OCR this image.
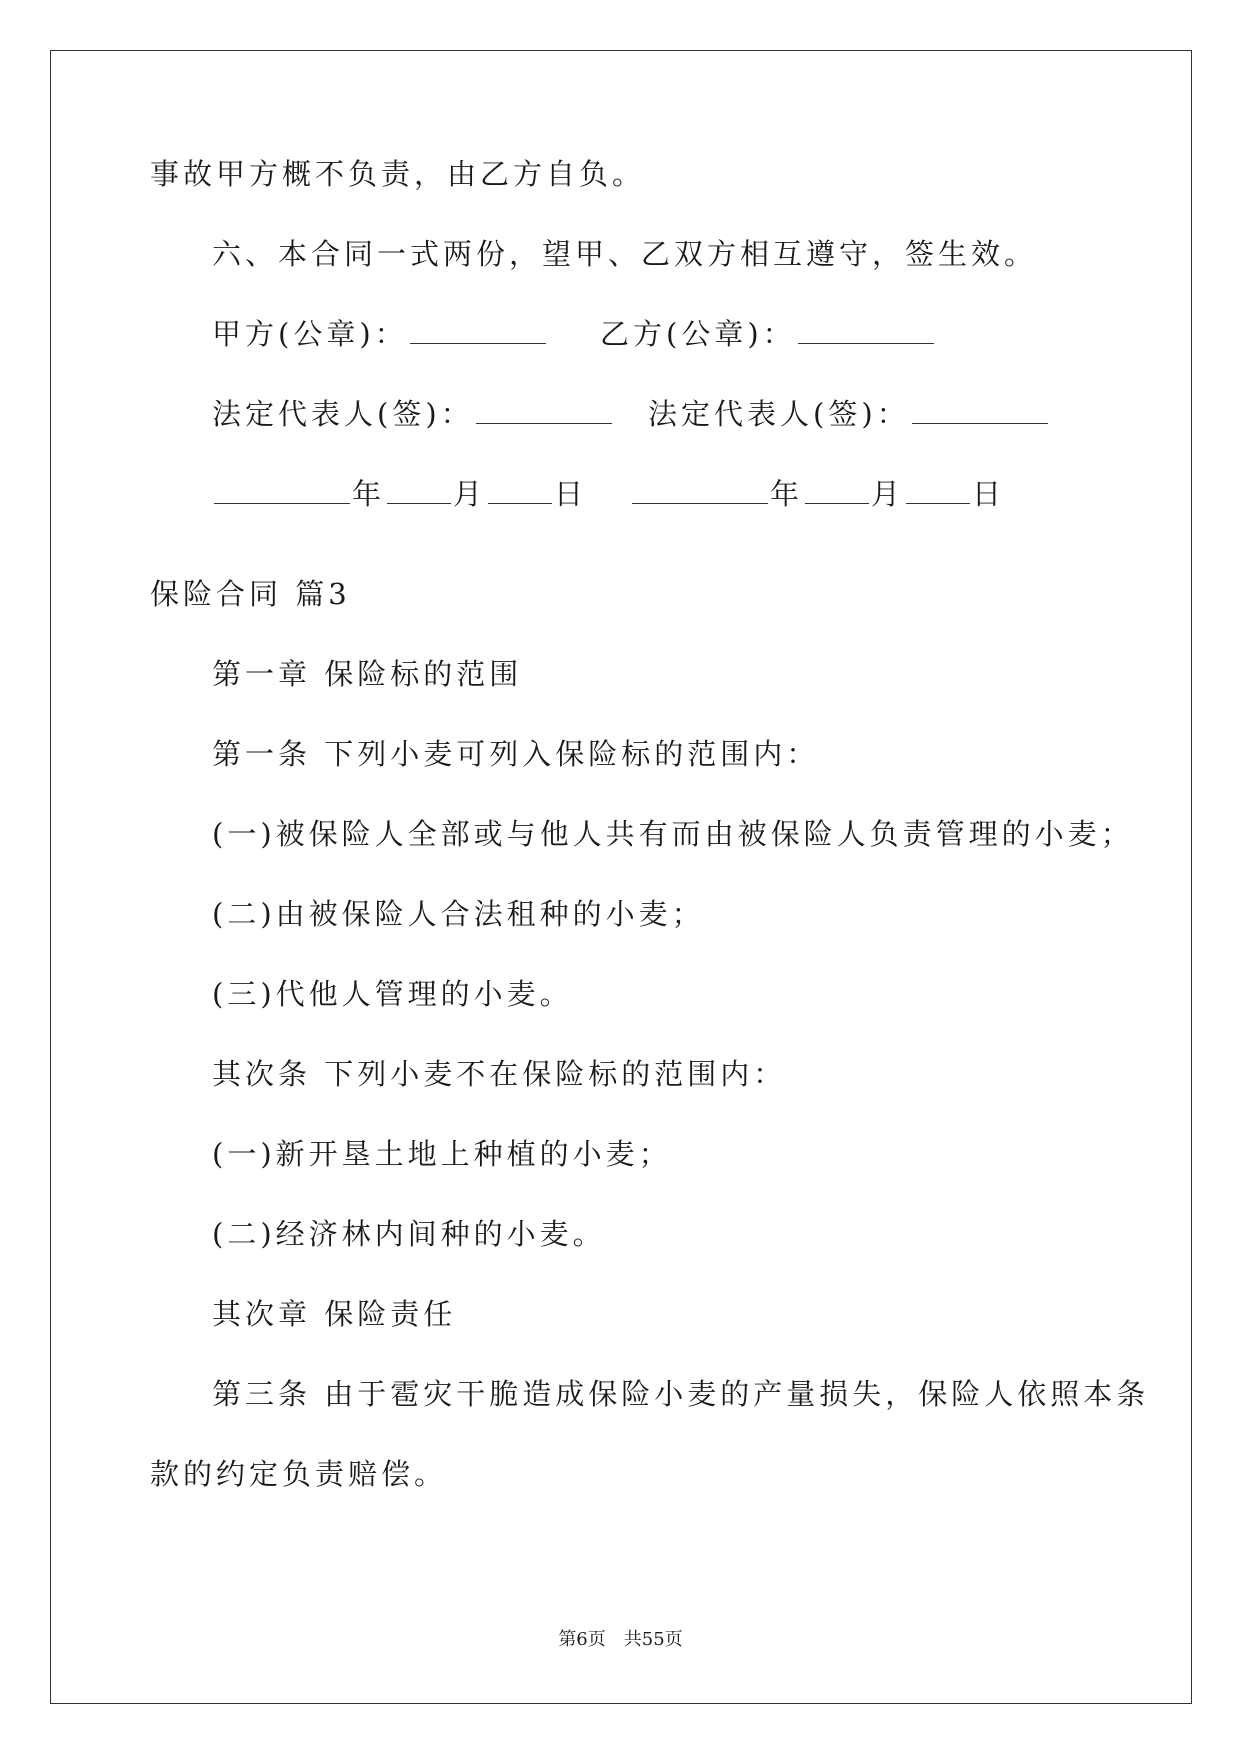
事故甲方概不负责，由乙方自负。
六、本合同一式两份，望甲、乙双方相互遵守，签生效。
甲方(公章)：	乙方(公章)：
法定代表人(签)：	法定代表人(签)：
年 月 日	年 月 日
保险合同 篇3
第一章 保险标的范围
第一条 下列小麦可列入保险标的范围内：
(一)被保险人全部或与他人共有而由被保险人负责管理的小麦；
(二)由被保险人合法租种的小麦；
(三)代他人管理的小麦。
其次条 下列小麦不在保险标的范围内：
(一)新开垦土地上种植的小麦；
(二)经济林内间种的小麦。
其次章 保险责任
第三条 由于雹灾干脆造成保险小麦的产量损失，保险人依照本条
款的约定负责赔偿。
第6页　共55页
